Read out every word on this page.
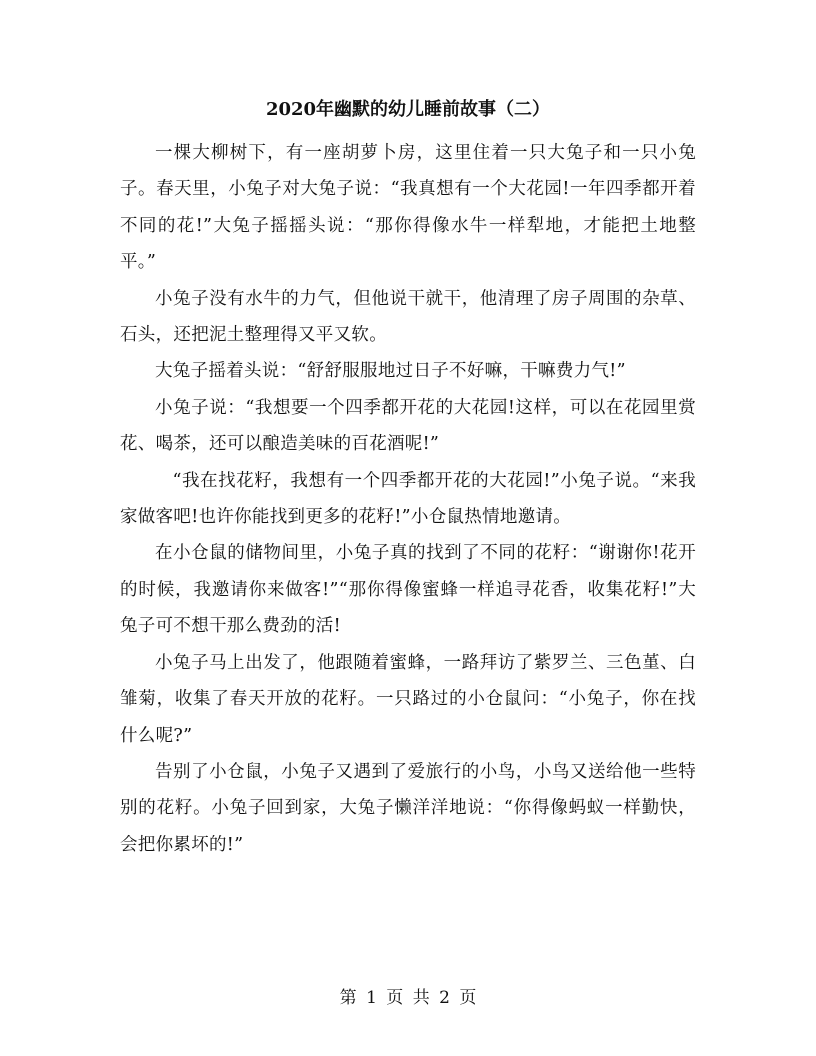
2020年幽默的幼儿睡前故事（二）

一棵大柳树下，有一座胡萝卜房，这里住着一只大兔子和一只小兔子。春天里，小兔子对大兔子说：“我真想有一个大花园!一年四季都开着不同的花!”大兔子摇摇头说：“那你得像水牛一样犁地，才能把土地整平。”

小兔子没有水牛的力气，但他说干就干，他清理了房子周围的杂草、石头，还把泥土整理得又平又软。

大兔子摇着头说：“舒舒服服地过日子不好嘛，干嘛费力气!”

小兔子说：“我想要一个四季都开花的大花园!这样，可以在花园里赏花、喝茶，还可以酿造美味的百花酒呢!”

“我在找花籽，我想有一个四季都开花的大花园!”小兔子说。“来我家做客吧!也许你能找到更多的花籽!”小仓鼠热情地邀请。

在小仓鼠的储物间里，小兔子真的找到了不同的花籽：“谢谢你!花开的时候，我邀请你来做客!”“那你得像蜜蜂一样追寻花香，收集花籽!”大兔子可不想干那么费劲的活!

小兔子马上出发了，他跟随着蜜蜂，一路拜访了紫罗兰、三色堇、白雏菊，收集了春天开放的花籽。一只路过的小仓鼠问：“小兔子，你在找什么呢?”

告别了小仓鼠，小兔子又遇到了爱旅行的小鸟，小鸟又送给他一些特别的花籽。小兔子回到家，大兔子懒洋洋地说：“你得像蚂蚁一样勤快，会把你累坏的!”

第 1 页 共 2 页
